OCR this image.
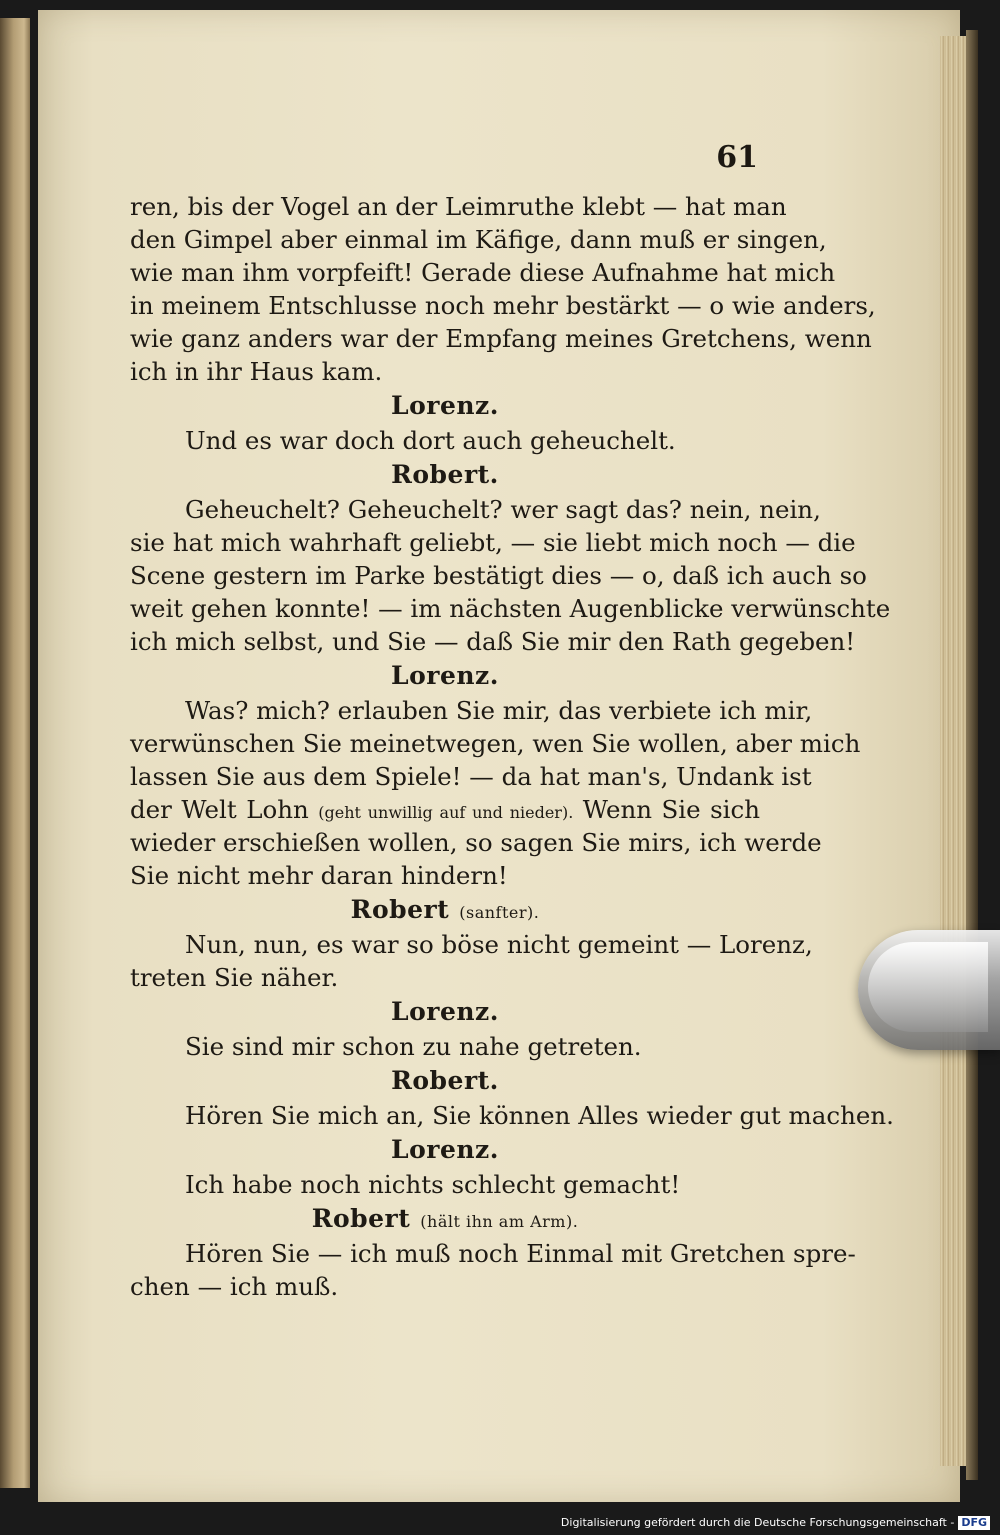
61
ren, bis der Vogel an der Leimruthe klebt — hat man
den Gimpel aber einmal im Käfige, dann muß er singen,
wie man ihm vorpfeift! Gerade diese Aufnahme hat mich
in meinem Entschlusse noch mehr bestärkt — o wie anders,
wie ganz anders war der Empfang meines Gretchens, wenn
ich in ihr Haus kam.
Lorenz.
Und es war doch dort auch geheuchelt.
Robert.
Geheuchelt? Geheuchelt? wer sagt das? nein, nein,
sie hat mich wahrhaft geliebt, — sie liebt mich noch — die
Scene gestern im Parke bestätigt dies — o, daß ich auch so
weit gehen konnte! — im nächsten Augenblicke verwünschte
ich mich selbst, und Sie — daß Sie mir den Rath gegeben!
Lorenz.
Was? mich? erlauben Sie mir, das verbiete ich mir,
verwünschen Sie meinetwegen, wen Sie wollen, aber mich
lassen Sie aus dem Spiele! — da hat man's, Undank ist
der Welt Lohn (geht unwillig auf und nieder). Wenn Sie sich
wieder erschießen wollen, so sagen Sie mirs, ich werde
Sie nicht mehr daran hindern!
Robert (sanfter).
Nun, nun, es war so böse nicht gemeint — Lorenz,
treten Sie näher.
Lorenz.
Sie sind mir schon zu nahe getreten.
Robert.
Hören Sie mich an, Sie können Alles wieder gut machen.
Lorenz.
Ich habe noch nichts schlecht gemacht!
Robert (hält ihn am Arm).
Hören Sie — ich muß noch Einmal mit Gretchen spre-
chen — ich muß.
Digitalisierung gefördert durch die Deutsche Forschungsgemeinschaft - DFG
